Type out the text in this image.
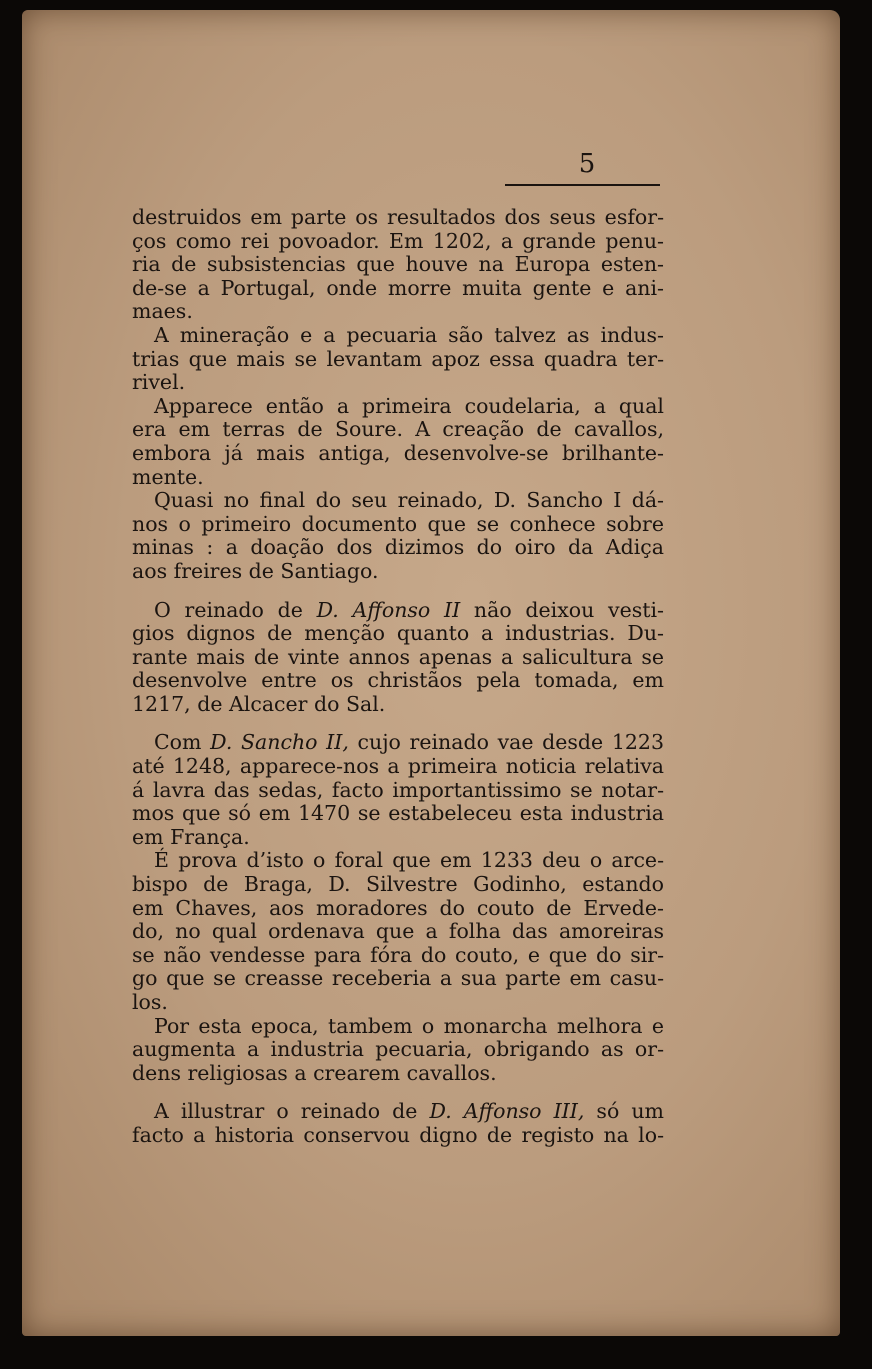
5
destruidos em parte os resultados dos seus esfor-
ços como rei povoador. Em 1202, a grande penu-
ria de subsistencias que houve na Europa esten-
de-se a Portugal, onde morre muita gente e ani-
maes.
A mineração e a pecuaria são talvez as indus-
trias que mais se levantam apoz essa quadra ter-
rivel.
Apparece então a primeira coudelaria, a qual
era em terras de Soure. A creação de cavallos,
embora já mais antiga, desenvolve-se brilhante-
mente.
Quasi no final do seu reinado, D. Sancho I dá-
nos o primeiro documento que se conhece sobre
minas : a doação dos dizimos do oiro da Adiça
aos freires de Santiago.
O reinado de D. Affonso II não deixou vesti-
gios dignos de menção quanto a industrias. Du-
rante mais de vinte annos apenas a salicultura se
desenvolve entre os christãos pela tomada, em
1217, de Alcacer do Sal.
Com D. Sancho II, cujo reinado vae desde 1223
até 1248, apparece-nos a primeira noticia relativa
á lavra das sedas, facto importantissimo se notar-
mos que só em 1470 se estabeleceu esta industria
em França.
É prova d’isto o foral que em 1233 deu o arce-
bispo de Braga, D. Silvestre Godinho, estando
em Chaves, aos moradores do couto de Ervede-
do, no qual ordenava que a folha das amoreiras
se não vendesse para fóra do couto, e que do sir-
go que se creasse receberia a sua parte em casu-
los.
Por esta epoca, tambem o monarcha melhora e
augmenta a industria pecuaria, obrigando as or-
dens religiosas a crearem cavallos.
A illustrar o reinado de D. Affonso III, só um
facto a historia conservou digno de registo na lo-
